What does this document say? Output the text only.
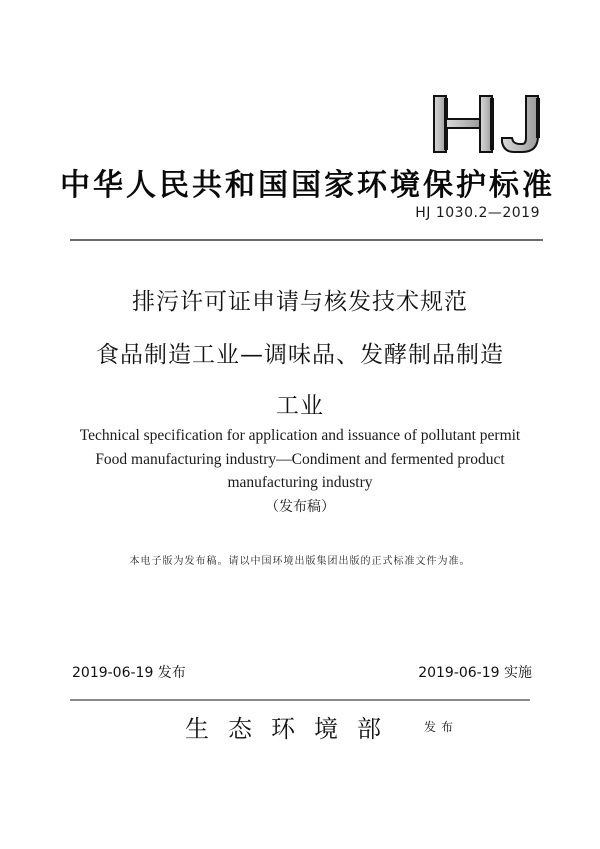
中华人民共和国国家环境保护标准
HJ 1030.2—2019
排污许可证申请与核发技术规范
食品制造工业—调味品、发酵制品制造
工业
Technical specification for application and issuance of pollutant permit
Food manufacturing industry—Condiment and fermented product
manufacturing industry
（发布稿）
本电子版为发布稿。请以中国环境出版集团出版的正式标准文件为准。
2019-06-19 发布	2019-06-19 实施
生态环境部 发布
